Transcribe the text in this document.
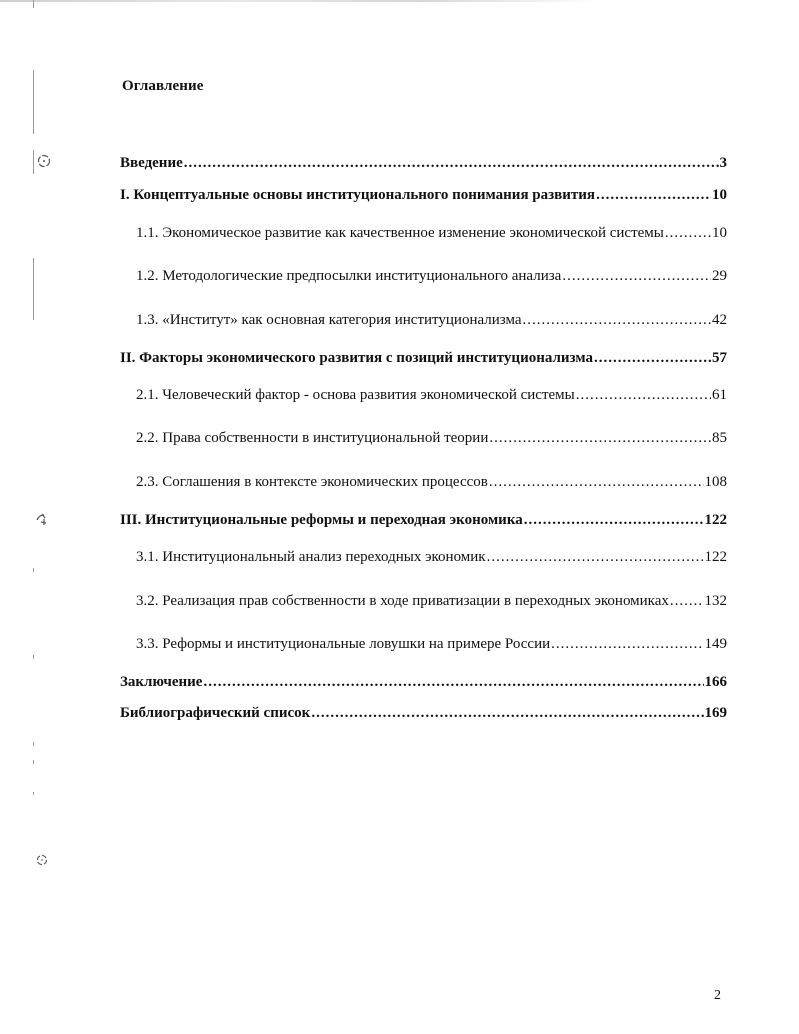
Оглавление
Введение .....	3
I. Концептуальные основы институционального понимания развития .....	10
1.1. Экономическое развитие как качественное изменение экономической системы .....	10
1.2. Методологические предпосылки институционального анализа .....	29
1.3. «Институт» как основная категория институционализма .....	42
II. Факторы экономического развития с позиций институционализма .....	57
2.1. Человеческий фактор - основа развития экономической системы .....	61
2.2. Права собственности в институциональной теории .....	85
2.3. Соглашения в контексте экономических процессов .....	108
III. Институциональные реформы и переходная экономика .....	122
3.1. Институциональный анализ переходных экономик .....	122
3.2. Реализация прав собственности в ходе приватизации в переходных экономиках ..... 132
3.3. Реформы и институциональные ловушки на примере России .....	149
Заключение .....	166
Библиографический список .....	169
2
